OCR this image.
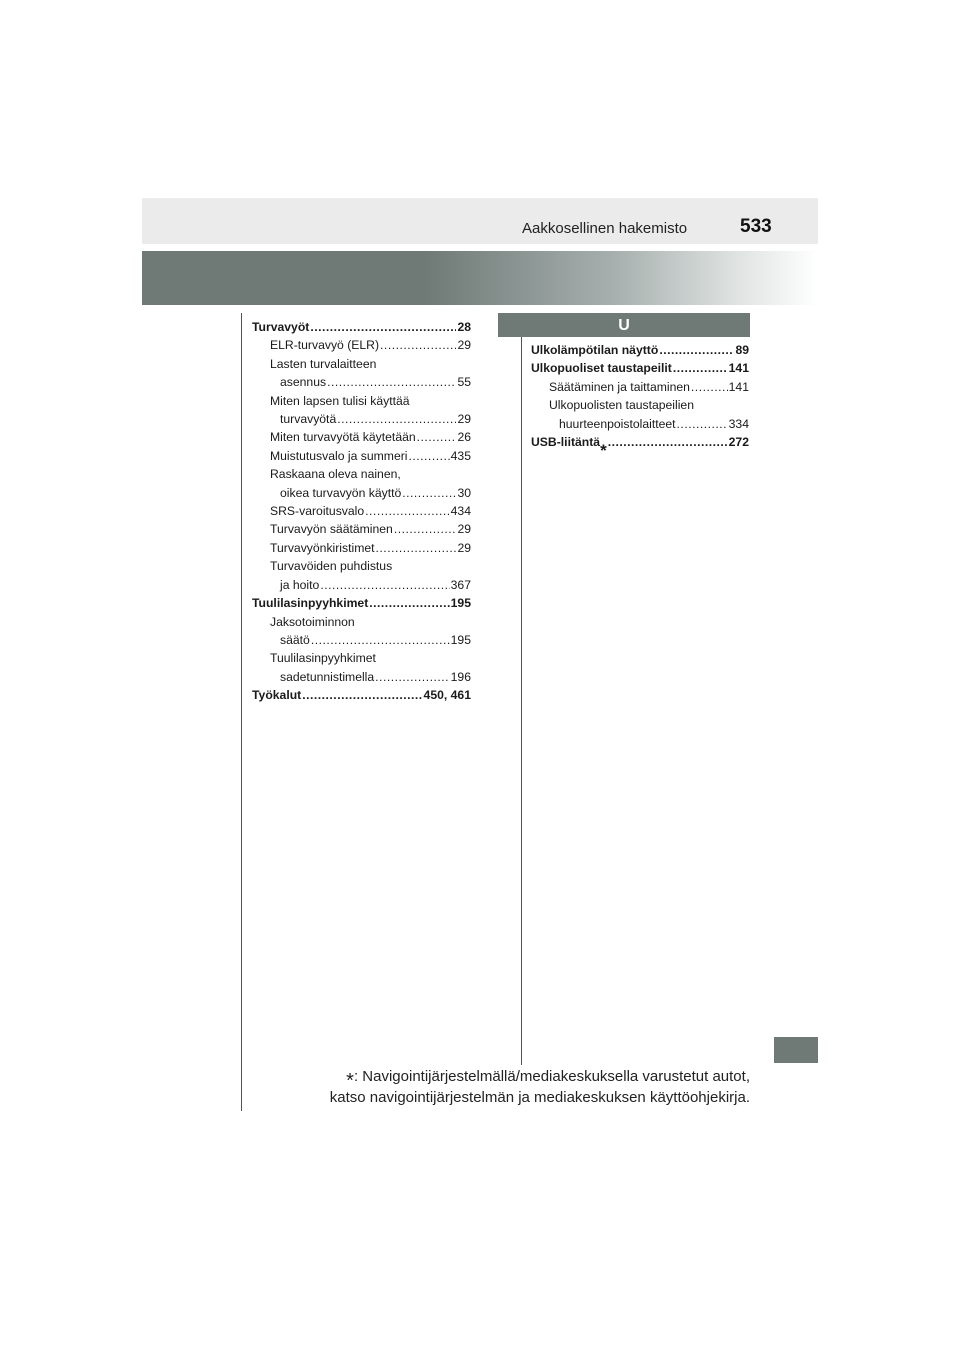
Aakkosellinen hakemisto	533
U
Turvavyöt .....	28
ELR-turvavyö (ELR) .....	29
Lasten turvalaitteen
asennus .....	55
Miten lapsen tulisi käyttää
turvavyötä .....	29
Miten turvavyötä käytetään .....	26
Muistutusvalo ja summeri .....	435
Raskaana oleva nainen,
oikea turvavyön käyttö .....	30
SRS-varoitusvalo .....	434
Turvavyön säätäminen .....	29
Turvavyönkiristimet .....	29
Turvavöiden puhdistus
ja hoito .....	367
Tuulilasinpyyhkimet .....	195
Jaksotoiminnon
säätö .....	195
Tuulilasinpyyhkimet
sadetunnistimella .....	196
Työkalut .....	450, 461
Ulkolämpötilan näyttö .....	89
Ulkopuoliset taustapeilit .....	141
Säätäminen ja taittaminen .....	141
Ulkopuolisten taustapeilien
huurteenpoistolaitteet .....	334
USB-liitäntä * .....	272
*: Navigointijärjestelmällä/mediakeskuksella varustetut autot,
katso navigointijärjestelmän ja mediakeskuksen käyttöohjekirja.
